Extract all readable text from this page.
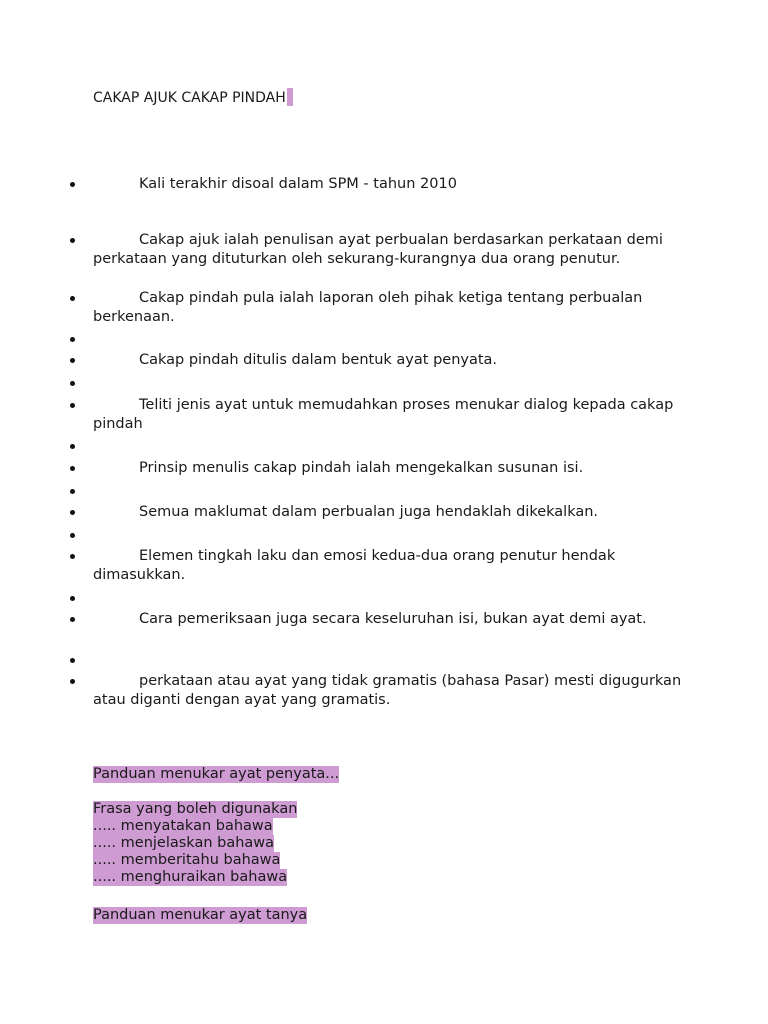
CAKAP AJUK CAKAP PINDAH
Kali terakhir disoal dalam SPM - tahun 2010
Cakap ajuk ialah penulisan ayat perbualan berdasarkan perkataan demi perkataan yang dituturkan oleh sekurang-kurangnya dua orang penutur.
Cakap pindah pula ialah laporan oleh pihak ketiga tentang perbualan berkenaan.
Cakap pindah ditulis dalam bentuk ayat penyata.
Teliti jenis ayat untuk memudahkan proses menukar dialog kepada cakap pindah
Prinsip menulis cakap pindah ialah mengekalkan susunan isi.
Semua maklumat dalam perbualan juga hendaklah dikekalkan.
Elemen tingkah laku dan emosi kedua-dua orang penutur hendak dimasukkan.
Cara pemeriksaan juga secara keseluruhan isi, bukan ayat demi ayat.
perkataan atau ayat yang tidak gramatis (bahasa Pasar) mesti digugurkan atau diganti dengan ayat yang gramatis.
Panduan menukar ayat penyata...
Frasa yang boleh digunakan
..... menyatakan bahawa
..... menjelaskan bahawa
..... memberitahu bahawa
..... menghuraikan bahawa
Panduan menukar ayat tanya
